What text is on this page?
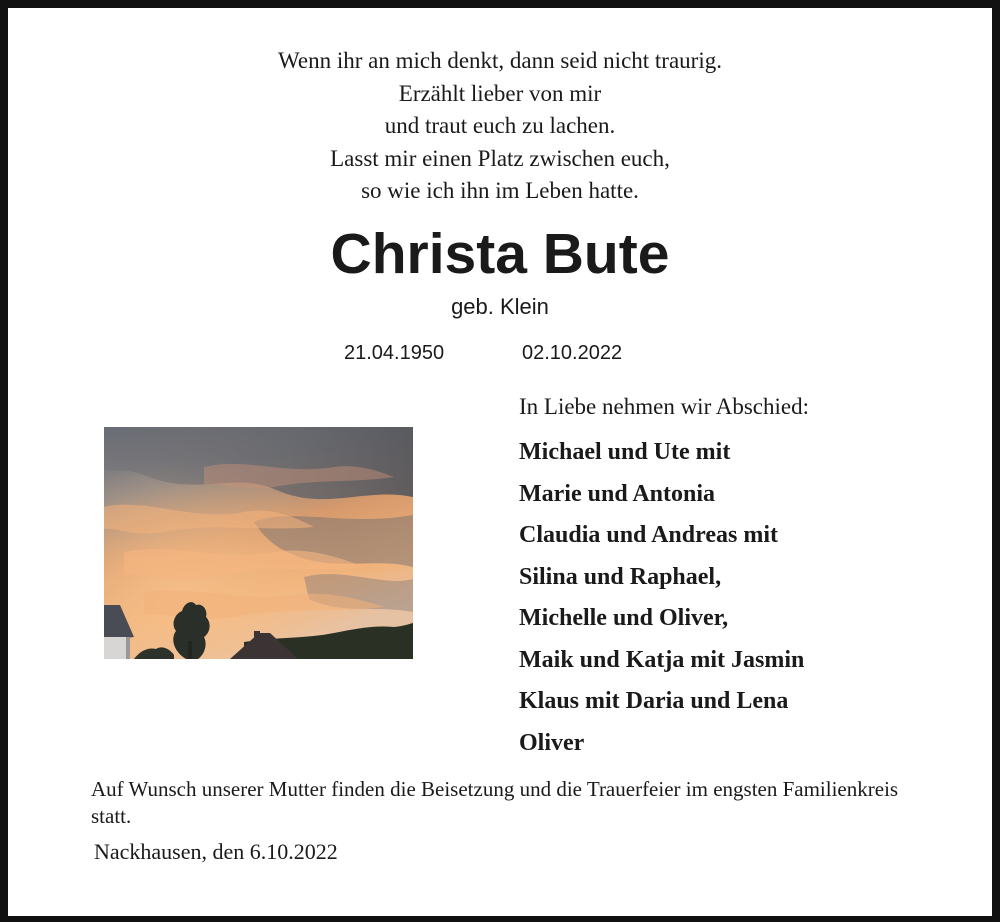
Wenn ihr an mich denkt, dann seid nicht traurig.
Erzählt lieber von mir
und traut euch zu lachen.
Lasst mir einen Platz zwischen euch,
so wie ich ihn im Leben hatte.
Christa Bute
geb. Klein
21.04.1950	02.10.2022
In Liebe nehmen wir Abschied:
Michael und Ute mit
Marie und Antonia
Claudia und Andreas mit
Silina und Raphael,
Michelle und Oliver,
Maik und Katja mit Jasmin
Klaus mit Daria und Lena
Oliver
Auf Wunsch unserer Mutter finden die Beisetzung und die Trauerfeier im engsten Familienkreis statt.
Nackhausen, den 6.10.2022
